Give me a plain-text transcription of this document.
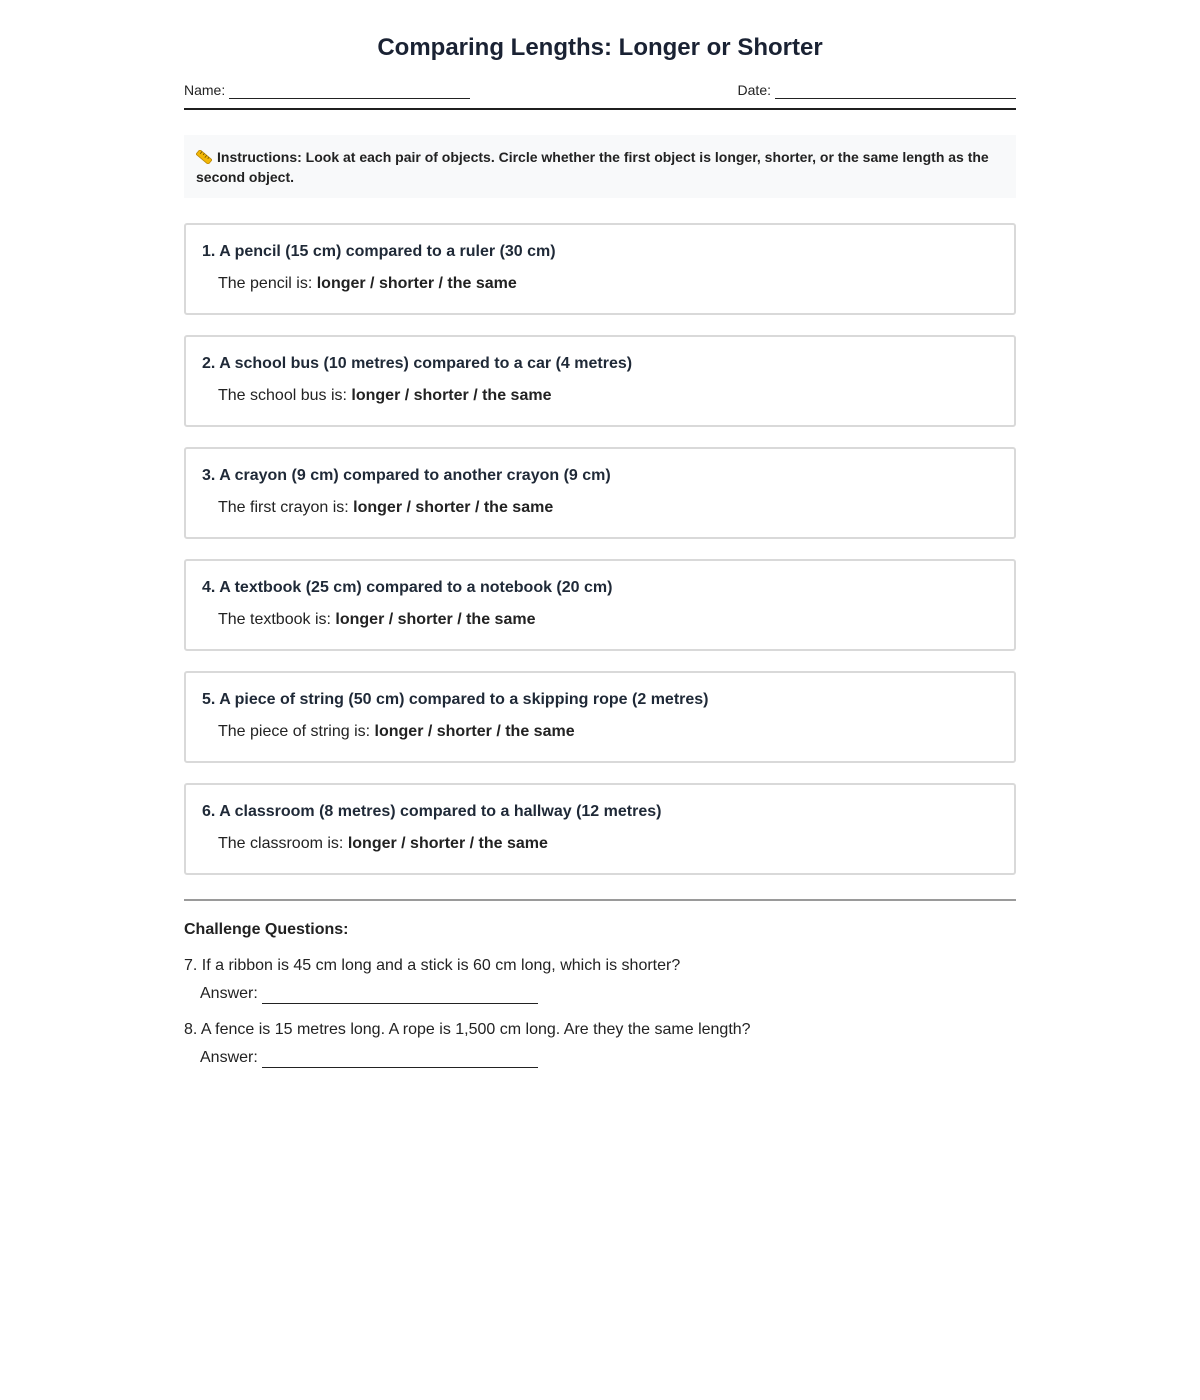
Comparing Lengths: Longer or Shorter
Name:	Date:
Instructions: Look at each pair of objects. Circle whether the first object is longer, shorter, or the same length as the second object.
1. A pencil (15 cm) compared to a ruler (30 cm)
The pencil is: longer / shorter / the same
2. A school bus (10 metres) compared to a car (4 metres)
The school bus is: longer / shorter / the same
3. A crayon (9 cm) compared to another crayon (9 cm)
The first crayon is: longer / shorter / the same
4. A textbook (25 cm) compared to a notebook (20 cm)
The textbook is: longer / shorter / the same
5. A piece of string (50 cm) compared to a skipping rope (2 metres)
The piece of string is: longer / shorter / the same
6. A classroom (8 metres) compared to a hallway (12 metres)
The classroom is: longer / shorter / the same
Challenge Questions:
7. If a ribbon is 45 cm long and a stick is 60 cm long, which is shorter?
Answer:
8. A fence is 15 metres long. A rope is 1,500 cm long. Are they the same length?
Answer:
